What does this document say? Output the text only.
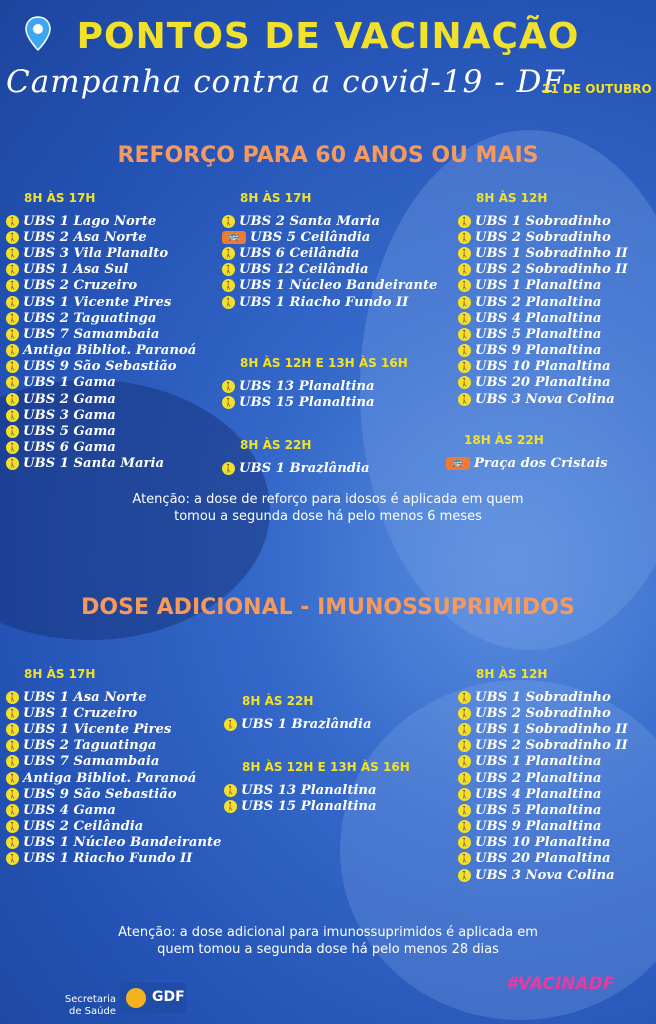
PONTOS DE VACINAÇÃO
Campanha contra a covid-19 - DF
21 DE OUTUBRO
REFORÇO PARA 60 ANOS OU MAIS
8H ÀS 17H
🚶 UBS 1 Lago Norte
🚶 UBS 2 Asa Norte
🚶 UBS 3 Vila Planalto
🚶 UBS 1 Asa Sul
🚶 UBS 2 Cruzeiro
🚶 UBS 1 Vicente Pires
🚶 UBS 2 Taguatinga
🚶 UBS 7 Samambaia
🚶 Antiga Bibliot. Paranoá
🚶 UBS 9 São Sebastião
🚶 UBS 1 Gama
🚶 UBS 2 Gama
🚶 UBS 3 Gama
🚶 UBS 5 Gama
🚶 UBS 6 Gama
🚶 UBS 1 Santa Maria
8H ÀS 17H
🚶 UBS 2 Santa Maria
🚌 UBS 5 Ceilândia
🚶 UBS 6 Ceilândia
🚶 UBS 12 Ceilândia
🚶 UBS 1 Núcleo Bandeirante
🚶 UBS 1 Riacho Fundo II
8H ÀS 12H E 13H ÀS 16H
🚶 UBS 13 Planaltina
🚶 UBS 15 Planaltina
8H ÀS 22H
🚶 UBS 1 Brazlândia
8H ÀS 12H
🚶 UBS 1 Sobradinho
🚶 UBS 2 Sobradinho
🚶 UBS 1 Sobradinho II
🚶 UBS 2 Sobradinho II
🚶 UBS 1 Planaltina
🚶 UBS 2 Planaltina
🚶 UBS 4 Planaltina
🚶 UBS 5 Planaltina
🚶 UBS 9 Planaltina
🚶 UBS 10 Planaltina
🚶 UBS 20 Planaltina
🚶 UBS 3 Nova Colina
18H ÀS 22H
🚌 Praça dos Cristais
Atenção: a dose de reforço para idosos é aplicada em quem
tomou a segunda dose há pelo menos 6 meses
DOSE ADICIONAL - IMUNOSSUPRIMIDOS
8H ÀS 17H
🚶 UBS 1 Asa Norte
🚶 UBS 1 Cruzeiro
🚶 UBS 1 Vicente Pires
🚶 UBS 2 Taguatinga
🚶 UBS 7 Samambaia
🚶 Antiga Bibliot. Paranoá
🚶 UBS 9 São Sebastião
🚶 UBS 4 Gama
🚶 UBS 2 Ceilândia
🚶 UBS 1 Núcleo Bandeirante
🚶 UBS 1 Riacho Fundo II
8H ÀS 22H
🚶 UBS 1 Brazlândia
8H ÀS 12H E 13H ÀS 16H
🚶 UBS 13 Planaltina
🚶 UBS 15 Planaltina
8H ÀS 12H
🚶 UBS 1 Sobradinho
🚶 UBS 2 Sobradinho
🚶 UBS 1 Sobradinho II
🚶 UBS 2 Sobradinho II
🚶 UBS 1 Planaltina
🚶 UBS 2 Planaltina
🚶 UBS 4 Planaltina
🚶 UBS 5 Planaltina
🚶 UBS 9 Planaltina
🚶 UBS 10 Planaltina
🚶 UBS 20 Planaltina
🚶 UBS 3 Nova Colina
Atenção: a dose adicional para imunossuprimidos é aplicada em
quem tomou a segunda dose há pelo menos 28 dias
Secretaria
de Saúde
GDF
#VACINADF
